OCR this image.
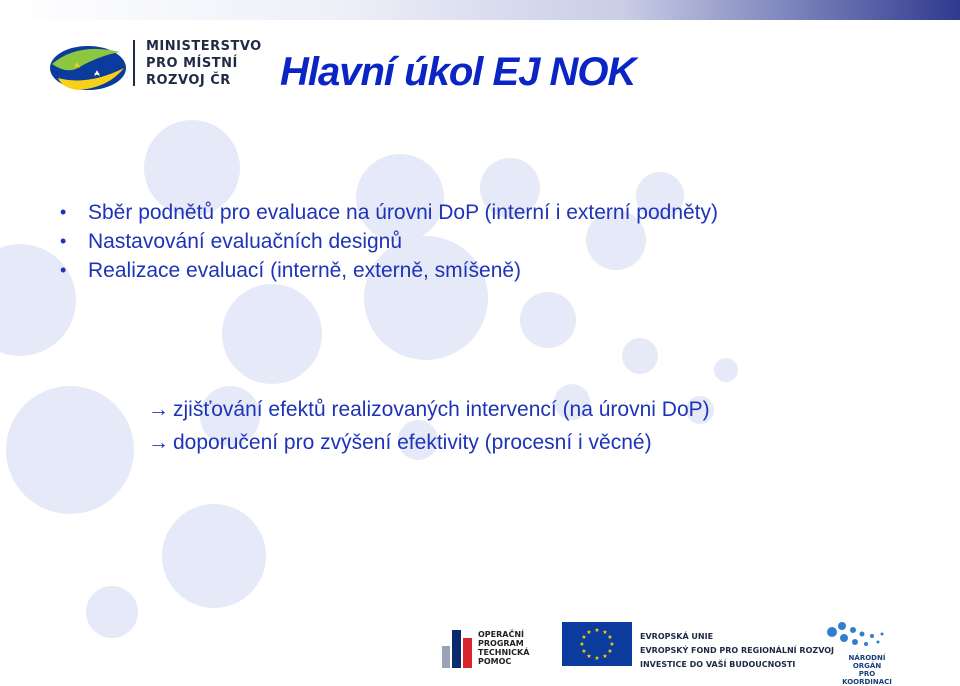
MINISTERSTVO
PRO MÍSTNÍ
ROZVOJ ČR	Hlavní úkol EJ NOK
• Sběr podnětů pro evaluace na úrovni DoP (interní i externí podněty)
• Nastavování evaluačních designů
• Realizace evaluací (interně, externě, smíšeně)
→ zjišťování efektů realizovaných intervencí (na úrovni DoP)
→ doporučení pro zvýšení efektivity (procesní i věcné)
OPERAČNÍ
PROGRAM
TECHNICKÁ
POMOC
★ ★
★
★
★
★
★
★
★
★
★
★	EVROPSKÁ UNIE
EVROPSKÝ FOND PRO REGIONÁLNÍ ROZVOJ
INVESTICE DO VAŠÍ BUDOUCNOSTI
NÁRODNÍ ORGÁN
PRO KOORDINACI
